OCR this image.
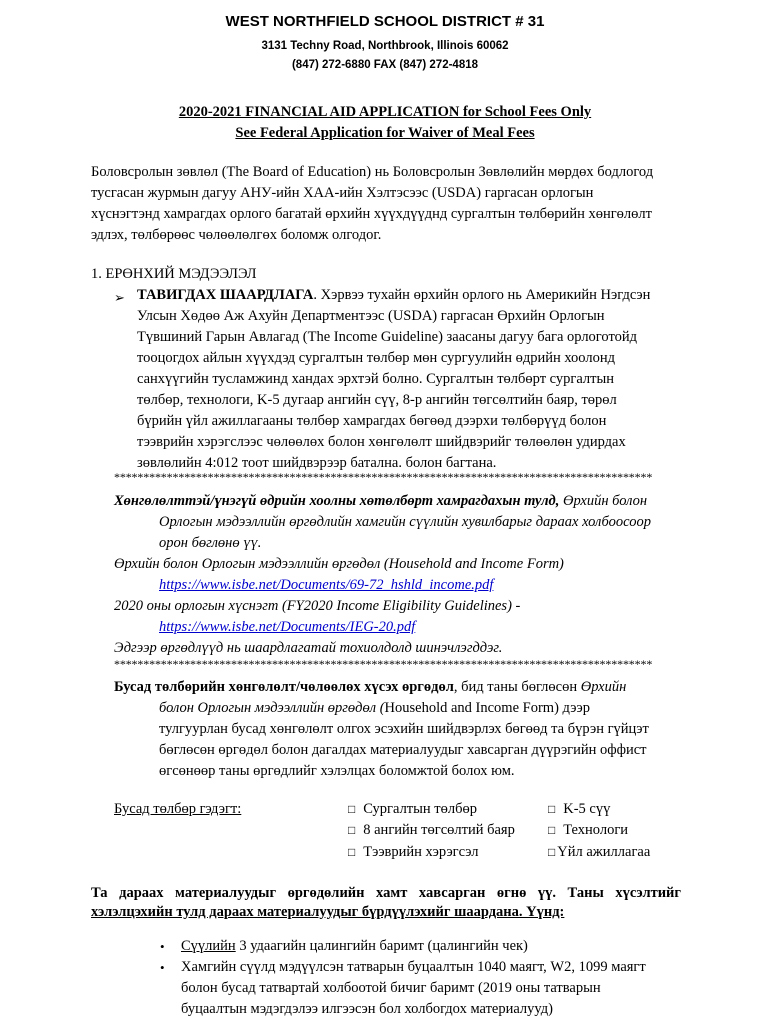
WEST NORTHFIELD SCHOOL DISTRICT # 31
3131 Techny Road, Northbrook, Illinois 60062
(847) 272-6880 FAX (847) 272-4818
2020-2021 FINANCIAL AID APPLICATION for School Fees Only
See Federal Application for Waiver of Meal Fees
Боловсролын зөвлөл (The Board of Education) нь Боловсролын Зөвлөлийн мөрдөх бодлогод
тусгасан журмын дагуу АНУ-ийн ХАА-ийн Хэлтэсээс (USDA) гаргасан орлогын
хүснэгтэнд хамрагдах орлого багатай өрхийн хүүхдүүднд сургалтын төлбөрийн хөнгөлөлт
эдлэх, төлбөрөөс чөлөөлөлгөх боломж олгодог.
1. ЕРӨНХИЙ МЭДЭЭЛЭЛ
➢ ТАВИГДАХ ШААРДЛАГА. Хэрвээ тухайн өрхийн орлого нь Америкийн Нэгдсэн
Улсын Хөдөө Аж Ахуйн Департментээс (USDA) гаргасан Өрхийн Орлогын
Түвшиний Гарын Авлагад (The Income Guideline) заасаны дагуу бага орлоготойд
тооцогдох айлын хүүхдэд сургалтын төлбөр мөн сургуулийн өдрийн хоолонд
санхүүгийн тусламжинд хандах эрхтэй болно. Сургалтын төлбөрт сургалтын
төлбөр, технологи, K-5 дугаар ангийн сүү, 8-р ангийн төгсөлтийн баяр, төрөл
бүрийн үйл ажиллагааны төлбөр хамрагдах бөгөөд дээрхи төлбөрүүд болон
тээврийн хэрэгслээс чөлөөлөх болон хөнгөлөлт шийдвэрийг төлөөлөн удирдах
зөвлөлийн 4:012 тоот шийдвэрээр баталнa. болон багтана.
********************************************************************************************
Хөнгөлөлттэй/үнэгүй өдрийн хоолны хөтөлбөрт хамрагдахын тулд, Өрхийн болон
Орлогын мэдээллийн өргөдлийн хамгийн сүүлийн хувилбарыг дараах холбоосоор
орон бөглөнө үү.
Өрхийн болон Орлогын мэдээллийн өргөдөл (Household and Income Form)
https://www.isbe.net/Documents/69-72_hshld_income.pdf
2020 оны орлогын хүснэгт (FY2020 Income Eligibility Guidelines) -
https://www.isbe.net/Documents/IEG-20.pdf
Эдгээр өргөдлүүд нь шаардлагатай тохиолдолд шинэчлэгддэг.
********************************************************************************************
Бусад төлбөрийн хөнгөлөлт/чөлөөлөх хүсэх өргөдөл, бид таны бөглөсөн Өрхийн
болон Орлогын мэдээллийн өргөдөл (Household and Income Form) дээр
тулгуурлан бусад хөнгөлөлт олгох эсэхийн шийдвэрлэх бөгөөд та бүрэн гүйцэт
бөглөсөн өргөдөл болон дагалдах материалуудыг хавсарган дүүрэгийн оффист
өгсөнөөр таны өргөдлийг хэлэлцах боломжтой болох юм.
Бусад төлбөр гэдэгт:	□ Сургалтын төлбөр	□ K-5 сүү
□ 8 ангийн төгсөлтий баяр	□ Технологи
□ Тээврийн хэрэгсэл	□ Үйл ажиллагаа
Та дараах материалуудыг өргөдөлийн хамт хавсарган өгнө үү. Таны хүсэлтийг
хэлэлцэхийн тулд дараах материалуудыг бүрдүүлэхийг шаардана. Үүнд:
• Сүүлийн 3 удаагийн цалингийн баримт (цалингийн чек)
• Хамгийн сүүлд мэдүүлсэн татварын буцаалтын 1040 маягт, W2, 1099 маягт
болон бусад татвартай холбоотой бичиг баримт (2019 оны татварын
буцаалтын мэдэгдэлээ илгээсэн бол холбогдох материалууд)
